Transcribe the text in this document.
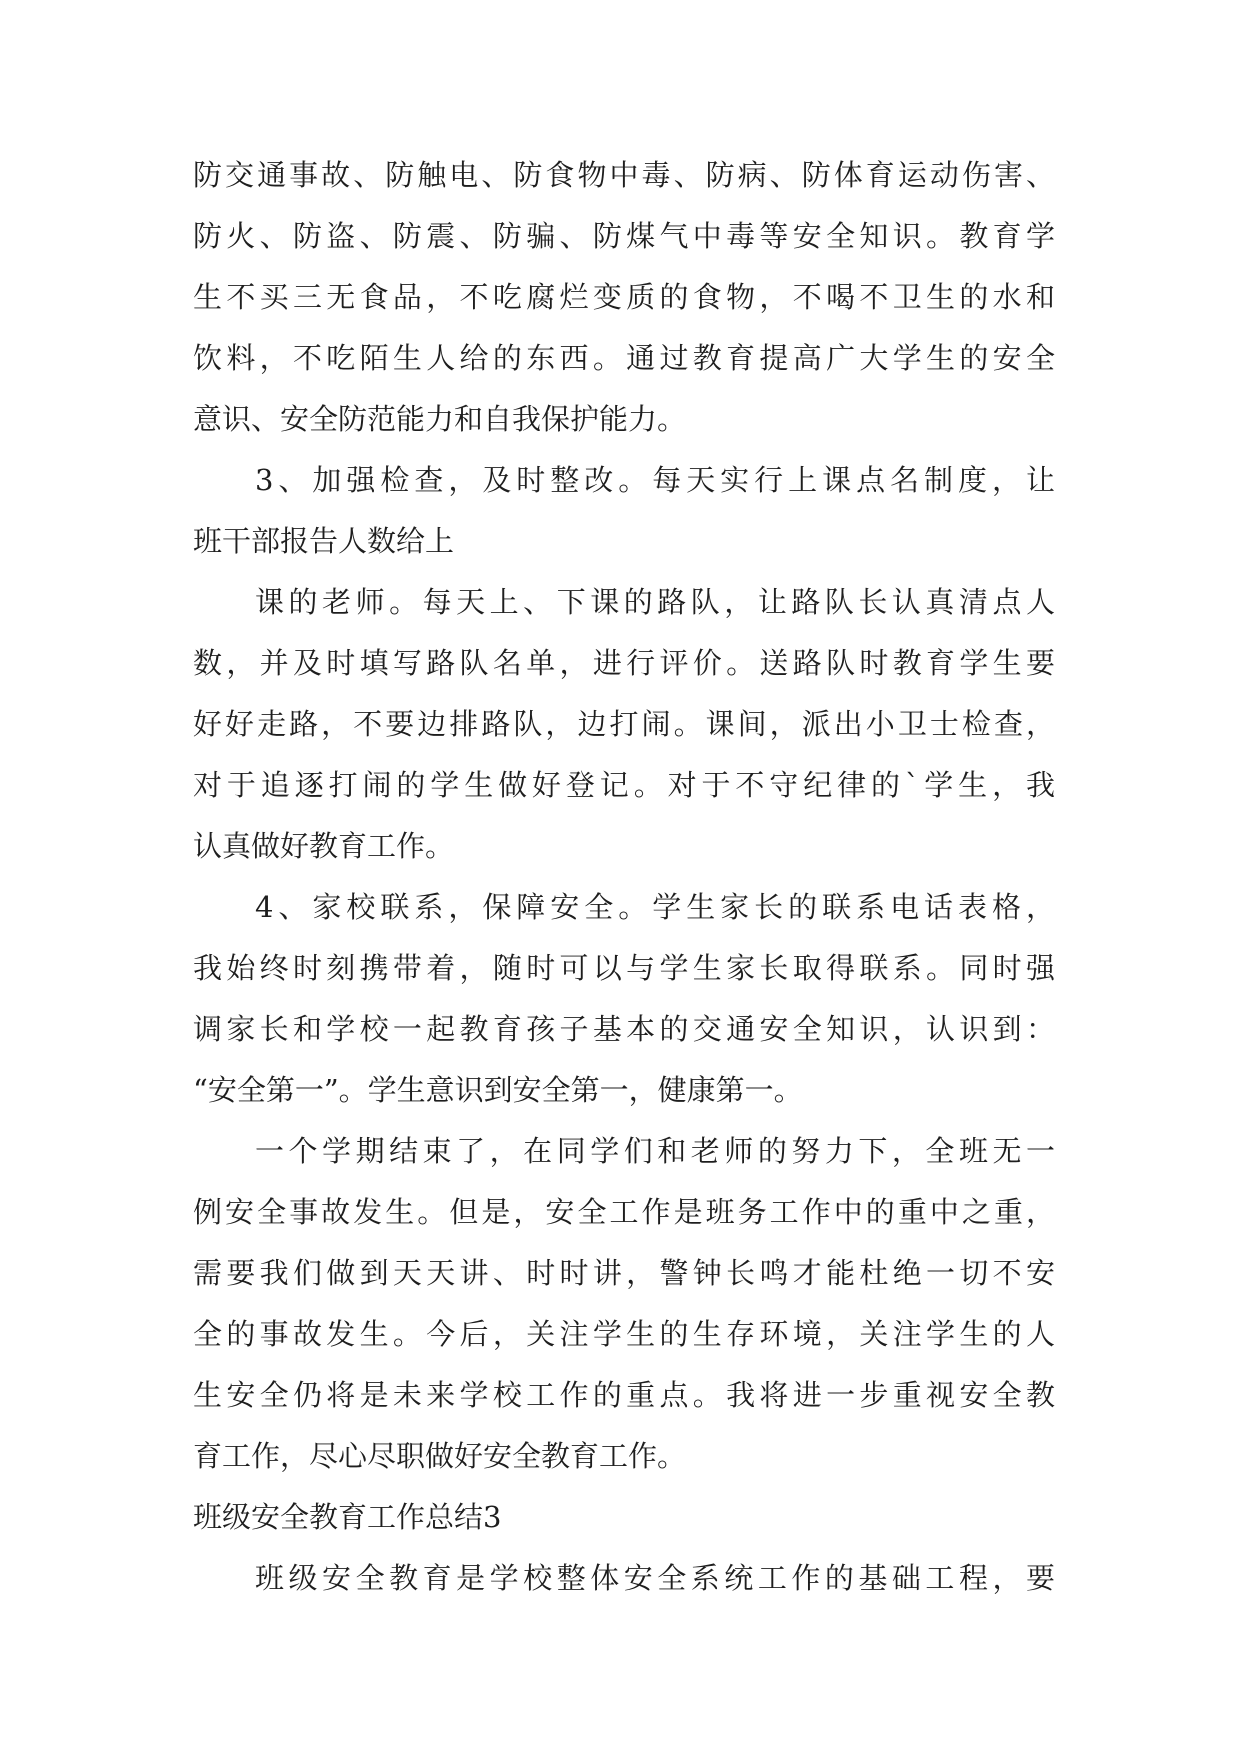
防交通事故、防触电、防食物中毒、防病、防体育运动伤害、
防火、防盗、防震、防骗、防煤气中毒等安全知识。教育学
生不买三无食品，不吃腐烂变质的食物，不喝不卫生的水和
饮料，不吃陌生人给的东西。通过教育提高广大学生的安全
意识、安全防范能力和自我保护能力。
3、加强检查，及时整改。每天实行上课点名制度，让
班干部报告人数给上
课的老师。每天上、下课的路队，让路队长认真清点人
数，并及时填写路队名单，进行评价。送路队时教育学生要
好好走路，不要边排路队，边打闹。课间，派出小卫士检查，
对于追逐打闹的学生做好登记。对于不守纪律的`学生，我
认真做好教育工作。
4、家校联系，保障安全。学生家长的联系电话表格，
我始终时刻携带着，随时可以与学生家长取得联系。同时强
调家长和学校一起教育孩子基本的交通安全知识，认识到：
“安全第一”。学生意识到安全第一，健康第一。
一个学期结束了，在同学们和老师的努力下，全班无一
例安全事故发生。但是，安全工作是班务工作中的重中之重，
需要我们做到天天讲、时时讲，警钟长鸣才能杜绝一切不安
全的事故发生。今后，关注学生的生存环境，关注学生的人
生安全仍将是未来学校工作的重点。我将进一步重视安全教
育工作，尽心尽职做好安全教育工作。
班级安全教育工作总结3
班级安全教育是学校整体安全系统工作的基础工程，要
